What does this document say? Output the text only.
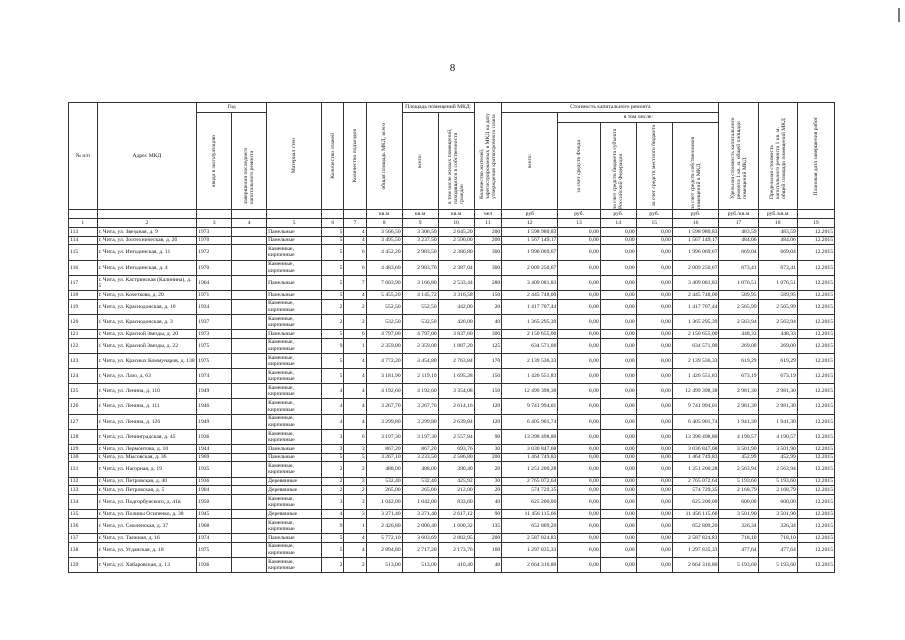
8
№ п/п	Адрес МКД	Год		Материал стен	Количество этажей	Количество подъездов	общая площадь МКД, всего	Площадь помещений МКД:		Количество жителей, зарегистрированных в МКД на дату утверждения краткосрочного плана	Стоимость капитального ремонта					Удельная стоимость капитального ремонта 1 кв. м. общей площади помещений МКД	Предельная стоимость капитального ремонта 1 кв. м. общей площади помещений МКД	Плановая дата завершения работ

		ввода в эксплуатацию	завершения последнего капитального ремонта					всего:	в том числе жилых помещений, находящихся в собственности граждан		всего:	в том числе:						

												за счет средств Фонда	за счет средств бюджета субъекта Российской Федерации	за счет средств местного бюджета	за счет средств собственников помещений в МКД			

							кв.м	кв.м	кв.м	чел	руб	руб.	руб.	руб.	руб.	руб./кв.м	руб./кв.м	
1	2	3	4	5	6	7	8	9	10	11	12	13	14	15	16	17	18	19
113	г. Чита, ул. Звездная, д. 9	1973		Панельные	5	4	3 566,50	3 306,50	2 645,20	200	1 598 980,83	0,00	0,00	0,00	1 598 980,83	483,59	483,59	12.2015
114	г. Чита, ул. Зоотехническая, д. 2б	1970		Панельные	5	4	3 495,50	3 237,50	2 590,00	200	1 567 149,17	0,00	0,00	0,00	1 567 149,17	484,06	484,06	12.2015
115	г. Чита, ул. Ингодинская, д. 11	1972		Каменные, кирпичные	5	6	4 452,20	2 983,50	2 386,80	300	1 996 069,67	0,00	0,00	0,00	1 996 069,67	669,04	669,04	12.2015
116	г. Чита, ул. Ингодинская, д. 4	1970		Каменные, кирпичные	5	6	4 483,60	2 983,70	2 387,04	300	2 009 250,67	0,00	0,00	0,00	2 009 250,67	673,41	673,41	12.2015
117	г. Чита, ул. Кастринская (Калинина), д. 5	1964		Панельные	5	7	7 603,90	3 166,80	2 533,44	280	3 409 081,83	0,00	0,00	0,00	3 409 081,83	1 076,51	1 076,51	12.2015
118	г. Чита, ул. Кочеткова, д. 20	1971		Панельные	5	4	5 455,20	4 145,72	3 316,58	150	2 445 748,00	0,00	0,00	0,00	2 445 748,00	589,95	589,95	12.2015
119	г. Чита, ул. Краснодонская, д. 10	1934		Каменные, кирпичные	2	2	552,50	552,50	442,00	20	1 417 707,44	0,00	0,00	0,00	1 417 707,44	2 565,99	2 565,99	12.2015
120	г. Чита, ул. Краснодонская, д. 3	1937		Каменные, кирпичные	2	2	532,50	532,50	426,00	40	1 365 295,39	0,00	0,00	0,00	1 365 295,39	2 563,94	2 563,94	12.2015
121	г. Чита, ул. Красной Звезды, д. 20	1973		Панельные	5	6	4 797,00	4 797,00	3 837,60	300	2 150 655,00	0,00	0,00	0,00	2 150 655,00	448,33	448,33	12.2015
122	г. Чита, ул. Красной Звезды, д. 22	1975		Каменные, кирпичные	9	1	2 359,00	2 359,00	1 887,20	125	634 571,00	0,00	0,00	0,00	634 571,00	269,00	269,00	12.2015
123	г. Чита, ул. Красных Коммунаров, д. 138	1975		Каменные, кирпичные	5	4	4 772,20	3 454,80	2 763,84	170	2 139 536,33	0,00	0,00	0,00	2 139 536,33	619,29	619,29	12.2015
124	г. Чита, ул. Лазо, д. 63	1974		Каменные, кирпичные	5	4	3 181,90	2 119,10	1 695,28	150	1 426 551,83	0,00	0,00	0,00	1 426 551,83	673,19	673,19	12.2015
125	г. Чита, ул. Ленина, д. 110	1949		Каменные, кирпичные	4	4	4 192,60	4 192,60	3 354,08	150	12 499 398,38	0,00	0,00	0,00	12 499 398,38	2 981,30	2 981,30	12.2015
126	г. Чита, ул. Ленина, д. 111	1946		Каменные, кирпичные	4	4	3 267,70	3 267,70	2 614,16	120	9 741 994,01	0,00	0,00	0,00	9 741 994,01	2 981,30	2 981,30	12.2015
127	г. Чита, ул. Ленина, д. 126	1949		Каменные, кирпичные	4	4	3 299,80	3 299,80	2 639,84	120	6 405 901,74	0,00	0,00	0,00	6 405 901,74	1 941,30	1 941,30	12.2015
128	г. Чита, ул. Ленинградская, д. 45	1936		Каменные, кирпичные	3	6	3 197,30	3 197,30	2 557,84	90	13 398 498,80	0,00	0,00	0,00	13 398 498,80	4 190,57	4 190,57	12.2015
129	г. Чита, ул. Лермонтова, д. 10	1944		Панельные	3	3	867,20	867,20	693,76	30	3 036 847,68	0,00	0,00	0,00	3 036 847,68	3 501,90	3 501,90	12.2015
130	г. Чита, ул. Мысовская, д. 36	1969		Панельные	5	5	3 267,10	3 233,50	2 586,80	200	1 464 749,83	0,00	0,00	0,00	1 464 749,83	452,99	452,99	12.2015
131	г. Чита, ул. Нагорная, д. 19	1935		Каменные, кирпичные	2	2	488,00	488,00	390,40	20	1 251 200,28	0,00	0,00	0,00	1 251 200,28	2 563,94	2 563,94	12.2015
132	г. Чита, ул. Петровская, д. 40	1936		Деревянные	2	3	532,40	532,40	425,92	30	2 765 072,64	0,00	0,00	0,00	2 765 072,64	5 193,60	5 193,60	12.2015
133	г. Чита, ул. Петровская, д. 5	1904		Деревянные	2	2	265,00	265,00	212,00	20	574 729,35	0,00	0,00	0,00	574 729,35	2 168,79	2 168,79	12.2015
134	г. Чита, ул. Подгорбунского, д. 41в	1950		Каменные, кирпичные	3	2	1 042,00	1 042,00	833,60	40	625 200,00	0,00	0,00	0,00	625 200,00	600,00	600,00	12.2015
135	г. Чита, ул. Полины Осипенко, д. 38	1945		Деревянные	4	3	3 271,40	3 271,40	2 617,12	90	11 456 115,66	0,00	0,00	0,00	11 456 115,66	3 501,90	3 501,90	12.2015
136	г. Чита, ул. Смоленская, д. 37	1968		Каменные, кирпичные	9	1	2 426,80	2 000,40	1 600,32	135	652 809,20	0,00	0,00	0,00	652 809,20	326,34	326,34	12.2015
137	г. Чита, ул. Таежная, д. 16	1974		Панельные	5	4	5 772,10	3 603,69	2 882,95	200	2 587 824,83	0,00	0,00	0,00	2 587 824,83	718,10	718,10	12.2015
138	г. Чита, ул. Угданская, д. 18	1975		Каменные, кирпичные	5	4	2 894,80	2 717,20	2 173,76	160	1 297 835,33	0,00	0,00	0,00	1 297 835,33	477,64	477,64	12.2015
139	г. Чита, ул. Хабаровская, д. 13	1936		Каменные, кирпичные	2	2	513,00	513,00	410,40	40	2 664 316,80	0,00	0,00	0,00	2 664 316,80	5 193,60	5 193,60	12.2015
